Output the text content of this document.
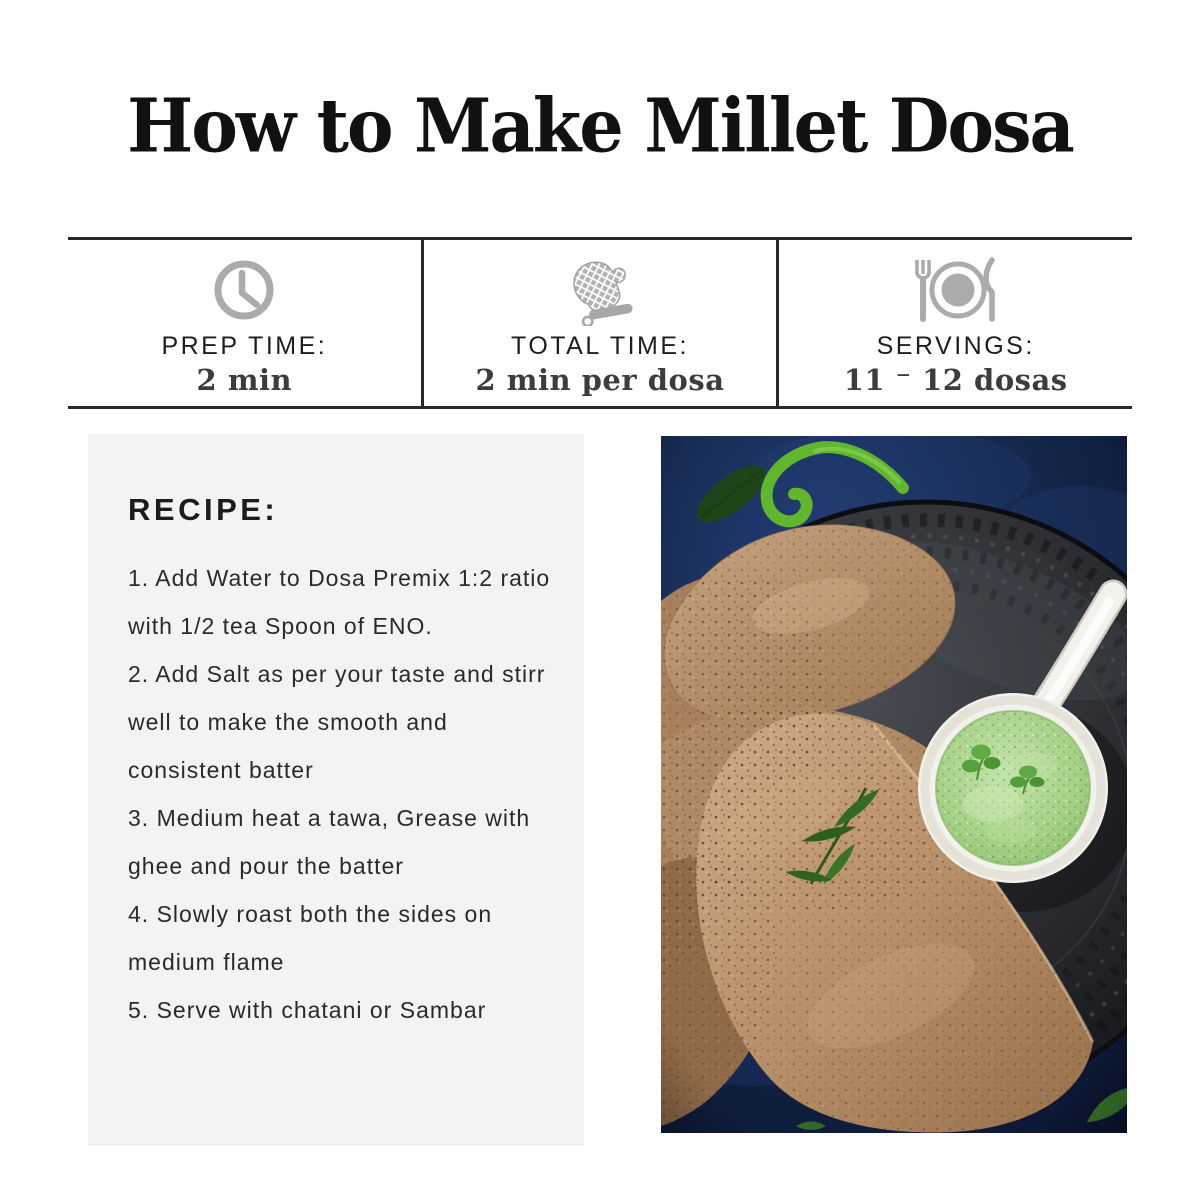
How to Make Millet Dosa
PREP TIME:
2 min
TOTAL TIME:
2 min per dosa
SERVINGS:
11 ⁻ 12 dosas
RECIPE:
1. Add Water to Dosa Premix 1:2 ratio with 1/2 tea Spoon of ENO.
2. Add Salt as per your taste and stirr well to make the smooth and consistent batter
3. Medium heat a tawa, Grease with ghee and pour the batter
4. Slowly roast both the sides on medium flame
5. Serve with chatani or Sambar
